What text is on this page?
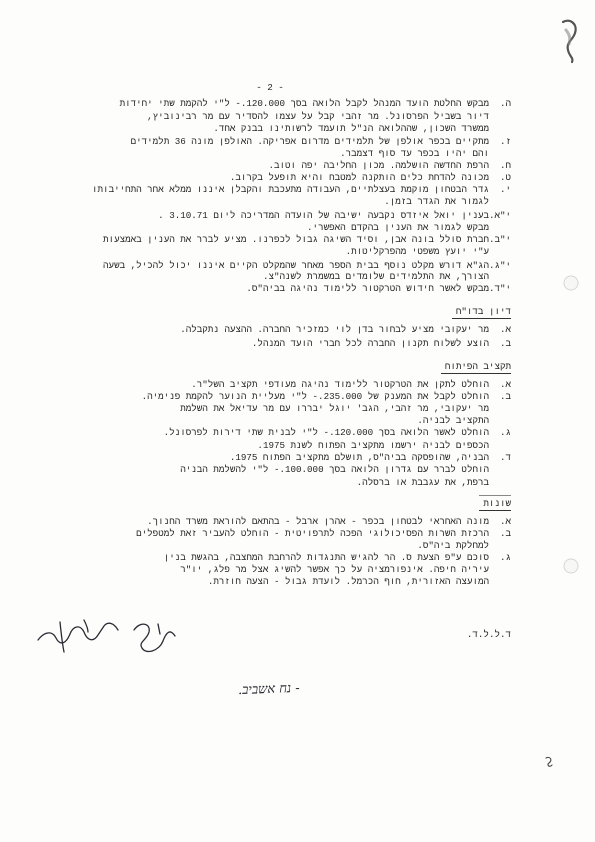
- 2 -
ה.
מבקש החלטת הועד המנהל לקבל הלואה בסך 120.000.- ל"י להקמת שתי יחידות
דיור בשביל הפרסונל. מר זהבי קבל על עצמו להסדיר עם מר רבינוביץ,
ממשרד השכון, שההלואה הנ"ל תועמד לרשותינו בבנק אחד.
ז.
מתקיים בכפר אולפן של תלמידים מדרום אפריקה. האולפן מונה 36 תלמידים
והם יהיו בכפר עד סוף דצמבר.
ח.
הרפת החדשה הושלמה. מכון החליבה יפה וטוב.
ט.
מכונה להדחת כלים הותקנה למטבח והיא תופעל בקרוב.
י.
גדר הבטחון מוקמת בעצלתיים, העבודה מתעכבת והקבלן איננו ממלא אחר התחייבותו
לגמור את הגדר בזמן.
י"א.
בענין יואל איזדס נקבעה ישיבה של הועדה המדריכה ליום 3.10.71 .
מבקש לגמור את הענין בהקדם האפשרי.
י"ב.
חברת סולל בונה אבן, וסיד השיגה גבול לכפרנו. מציע לברר את הענין באמצעות
ע"י יועץ משפטי מהפרקליטות.
י"ג.
הג"א דורש מקלט נוסף בבית הספר מאחר שהמקלט הקיים איננו יכול להכיל, בשעה
הצורך, את התלמידים שלומדים במשמרת לשנה"צ.
י"ד.
מבקש לאשר חידוש הטרקטור ללימוד נהיגה בביה"ס.
דיון בדו"ח
א.
מר יעקובי מציע לבחור בדן לוי כמזכיר החברה. ההצעה נתקבלה.
ב.
הוצע לשלוח תקנון החברה לכל חברי הועד המנהל.
תקציב הפיתוח
א.
הוחלט לתקן את הטרקטור ללימוד נהיגה מעודפי תקציב השל"ר.
ב.
הוחלט לקבל את המענק של 235.000.- ל"י מעליית הנוער להקמת פנימיה.
מר יעקובי, מר זהבי, הגב' יוגל יבררו עם מר עדיאל את השלמת
התקציב לבניה.
ג.
הוחלט לאשר הלואה בסך 120.000.- ל"י לבנית שתי דירות לפרסונל.
הכספים לבניה ירשמו מתקציב הפתוח לשנת 1975.
ד.
הבניה, שהופסקה בביה"ס, תושלם מתקציב הפתוח 1975.
הוחלט לברר עם גדרון הלואה בסך 100.000.- ל"י להשלמת הבניה
ברפת, את עגבבת או ברסלה.
שונות
א.
מונה האחראי לבטחון בכפר - אהרן ארבל - בהתאם להוראת משרד החנוך.
ב.
הרכזת השרות הפסיכולוגי הפכה לתרפויטית - הוחלט להעביר זאת למטפלים
למחלקת ביה"ס.
ג.
סוכם ע"פ הצעת ס. הר להגיש התנגדות להרחבת המחצבה, בהגשת בנין
עיריה חיפה. אינפורמציה על כך אפשר להשיג אצל מר פלג, יו"ר
המועצה האזורית, חוף הכרמל. לועדת גבול - הצעה חוזרת.
ד.ל.ל.ד.
- נח אשביב.
